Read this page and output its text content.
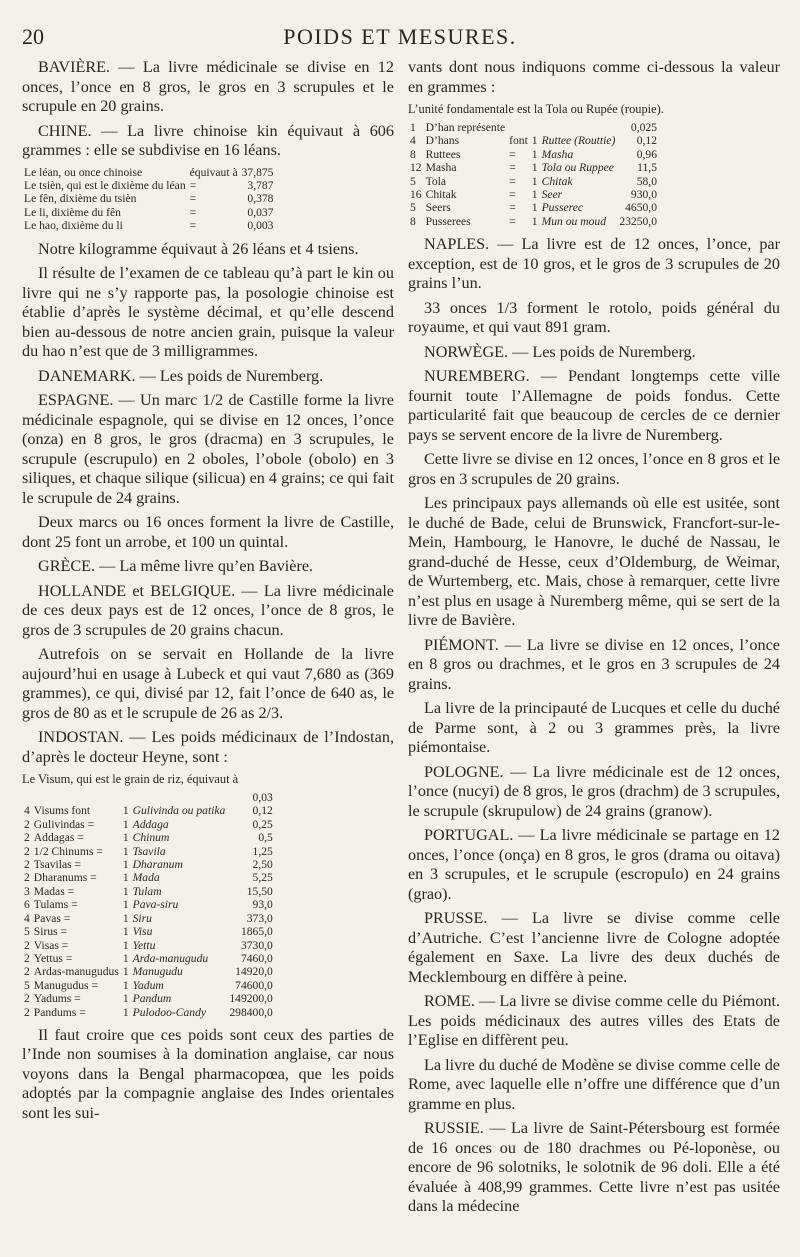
20	POIDS ET MESURES.

BAVIÈRE. — La livre médicinale se divise en 12 onces, l’once en 8 gros, le gros en 3 scrupules et le scrupule en 20 grains.

CHINE. — La livre chinoise kin équivaut à 606 grammes : elle se subdivise en 16 léans.

Le léan, ou once chinoise	équivaut à	37,875
Le tsièn, qui est le dixième du léan	=	3,787
Le fên, dixième du tsièn	=	0,378
Le li, dixième du fên	=	0,037
Le hao, dixième du li	=	0,003

Notre kilogramme équivaut à 26 léans et 4 tsiens.

Il résulte de l’examen de ce tableau qu’à part le kin ou livre qui ne s’y rapporte pas, la posologie chinoise est établie d’après le système décimal, et qu’elle descend bien au-dessous de notre ancien grain, puisque la valeur du hao n’est que de 3 milligrammes.

DANEMARK. — Les poids de Nuremberg.

ESPAGNE. — Un marc 1/2 de Castille forme la livre médicinale espagnole, qui se divise en 12 onces, l’once (onza) en 8 gros, le gros (dracma) en 3 scrupules, le scrupule (escrupulo) en 2 oboles, l’obole (obolo) en 3 siliques, et chaque silique (silicua) en 4 grains; ce qui fait le scrupule de 24 grains.

Deux marcs ou 16 onces forment la livre de Castille, dont 25 font un arrobe, et 100 un quintal.

GRÈCE. — La même livre qu’en Bavière.

HOLLANDE et BELGIQUE. — La livre médicinale de ces deux pays est de 12 onces, l’once de 8 gros, le gros de 3 scrupules de 20 grains chacun.

Autrefois on se servait en Hollande de la livre aujourd’hui en usage à Lubeck et qui vaut 7,680 as (369 grammes), ce qui, divisé par 12, fait l’once de 640 as, le gros de 80 as et le scrupule de 26 as 2/3.

INDOSTAN. — Les poids médicinaux de l’Indostan, d’après le docteur Heyne, sont :

Le Visum, qui est le grain de riz, équivaut à
				0,03
4	Visums font	1	Gulivinda ou patika	0,12
2	Gulivindas =	1	Addaga	0,25
2	Addagas =	1	Chinum	0,5
2	1/2 Chinums =	1	Tsavila	1,25
2	Tsavilas =	1	Dharanum	2,50
2	Dharanums =	1	Mada	5,25
3	Madas =	1	Tulam	15,50
6	Tulams =	1	Pava-siru	93,0
4	Pavas =	1	Siru	373,0
5	Sirus =	1	Visu	1865,0
2	Visas =	1	Yettu	3730,0
2	Yettus =	1	Arda-manugudu	7460,0
2	Ardas-manugudus	1	Manugudu	14920,0
5	Manugudus =	1	Yadum	74600,0
2	Yadums =	1	Pandum	149200,0
2	Pandums =	1	Pulodoo-Candy	298400,0

Il faut croire que ces poids sont ceux des parties de l’Inde non soumises à la domination anglaise, car nous voyons dans la Bengal pharmacopœa, que les poids adoptés par la compagnie anglaise des Indes orientales sont les sui-

vants dont nous indiquons comme ci-dessous la valeur en grammes :

L’unité fondamentale est la Tola ou Rupée (roupie).
1	D’han représente				0,025
4	D’hans	font	1	Ruttee (Routtie)	0,12
8	Ruttees	=	1	Masha	0,96
12	Masha	=	1	Tola ou Ruppee	11,5
5	Tola	=	1	Chitak	58,0
16	Chitak	=	1	Seer	930,0
5	Seers	=	1	Pusserec	4650,0
8	Pusserees	=	1	Mun ou moud	23250,0

NAPLES. — La livre est de 12 onces, l’once, par exception, est de 10 gros, et le gros de 3 scrupules de 20 grains l’un.

33 onces 1/3 forment le rotolo, poids général du royaume, et qui vaut 891 gram.

NORWÈGE. — Les poids de Nuremberg.

NUREMBERG. — Pendant longtemps cette ville fournit toute l’Allemagne de poids fondus. Cette particularité fait que beaucoup de cercles de ce dernier pays se servent encore de la livre de Nuremberg.

Cette livre se divise en 12 onces, l’once en 8 gros et le gros en 3 scrupules de 20 grains.

Les principaux pays allemands où elle est usitée, sont le duché de Bade, celui de Brunswick, Francfort-sur-le-Mein, Hambourg, le Hanovre, le duché de Nassau, le grand-duché de Hesse, ceux d’Oldemburg, de Weimar, de Wurtemberg, etc. Mais, chose à remarquer, cette livre n’est plus en usage à Nuremberg même, qui se sert de la livre de Bavière.

PIÉMONT. — La livre se divise en 12 onces, l’once en 8 gros ou drachmes, et le gros en 3 scrupules de 24 grains.

La livre de la principauté de Lucques et celle du duché de Parme sont, à 2 ou 3 grammes près, la livre piémontaise.

POLOGNE. — La livre médicinale est de 12 onces, l’once (nucyi) de 8 gros, le gros (drachm) de 3 scrupules, le scrupule (skrupulow) de 24 grains (granow).

PORTUGAL. — La livre médicinale se partage en 12 onces, l’once (onça) en 8 gros, le gros (drama ou oitava) en 3 scrupules, et le scrupule (escropulo) en 24 grains (grao).

PRUSSE. — La livre se divise comme celle d’Autriche. C’est l’ancienne livre de Cologne adoptée également en Saxe. La livre des deux duchés de Mecklembourg en diffère à peine.

ROME. — La livre se divise comme celle du Piémont. Les poids médicinaux des autres villes des Etats de l’Eglise en diffèrent peu.

La livre du duché de Modène se divise comme celle de Rome, avec laquelle elle n’offre une différence que d’un gramme en plus.

RUSSIE. — La livre de Saint-Pétersbourg est formée de 16 onces ou de 180 drachmes ou Pé-loponèse, ou encore de 96 solotniks, le solotnik de 96 doli. Elle a été évaluée à 408,99 grammes. Cette livre n’est pas usitée dans la médecine
